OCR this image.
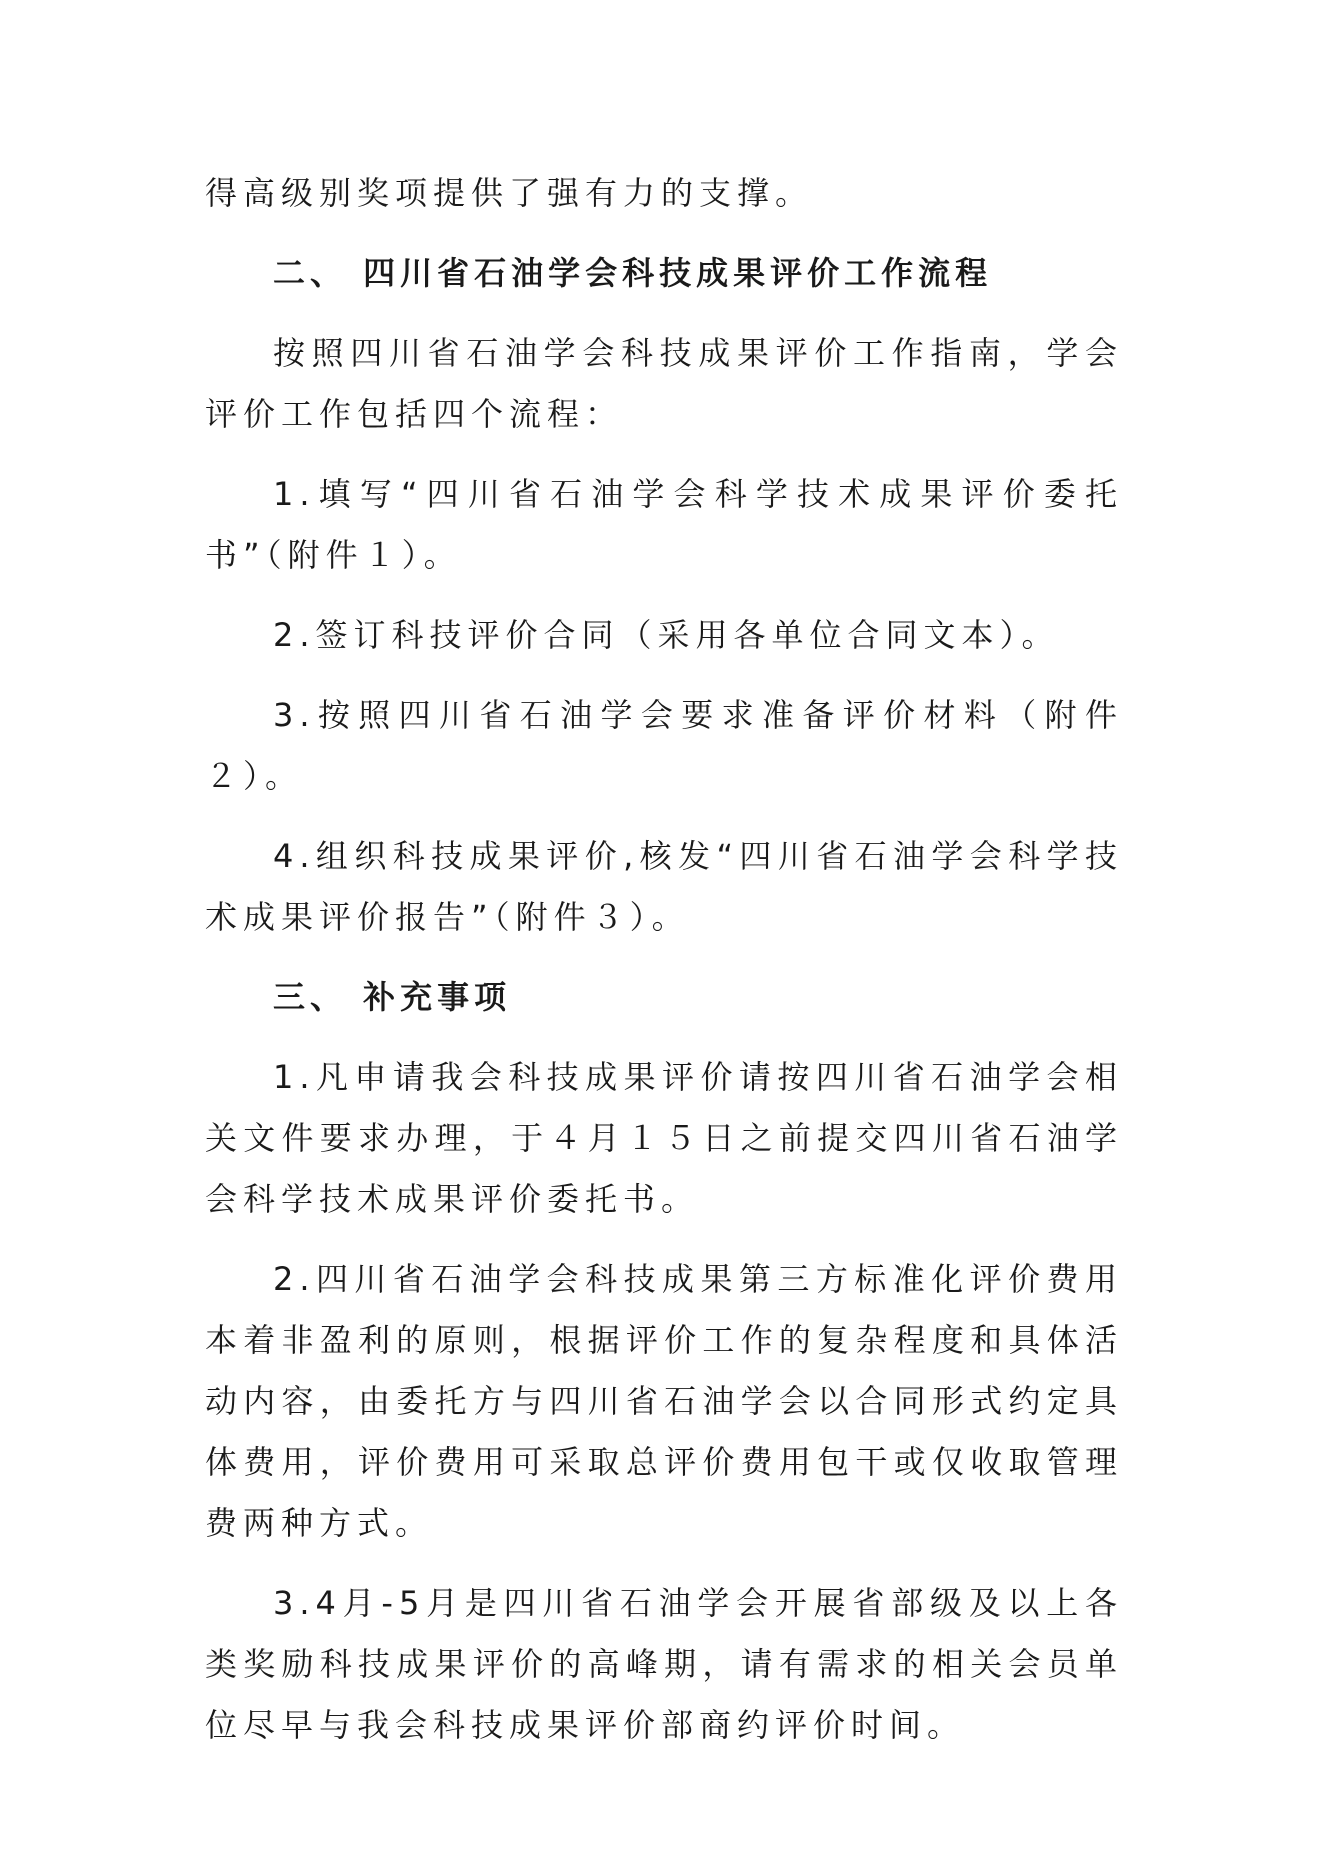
得高级别奖项提供了强有力的支撑。

二、 四川省石油学会科技成果评价工作流程

按照四川省石油学会科技成果评价工作指南，学会评价工作包括四个流程：

1.填写“四川省石油学会科学技术成果评价委托书”（附件１）。

2.签订科技评价合同（采用各单位合同文本）。

3.按照四川省石油学会要求准备评价材料（附件２）。

4.组织科技成果评价,核发“四川省石油学会科学技术成果评价报告”（附件３）。

三、 补充事项

1.凡申请我会科技成果评价请按四川省石油学会相关文件要求办理，于４月１５日之前提交四川省石油学会科学技术成果评价委托书。

2.四川省石油学会科技成果第三方标准化评价费用本着非盈利的原则，根据评价工作的复杂程度和具体活动内容，由委托方与四川省石油学会以合同形式约定具体费用，评价费用可采取总评价费用包干或仅收取管理费两种方式。

3.4月-5月是四川省石油学会开展省部级及以上各类奖励科技成果评价的高峰期，请有需求的相关会员单位尽早与我会科技成果评价部商约评价时间。
